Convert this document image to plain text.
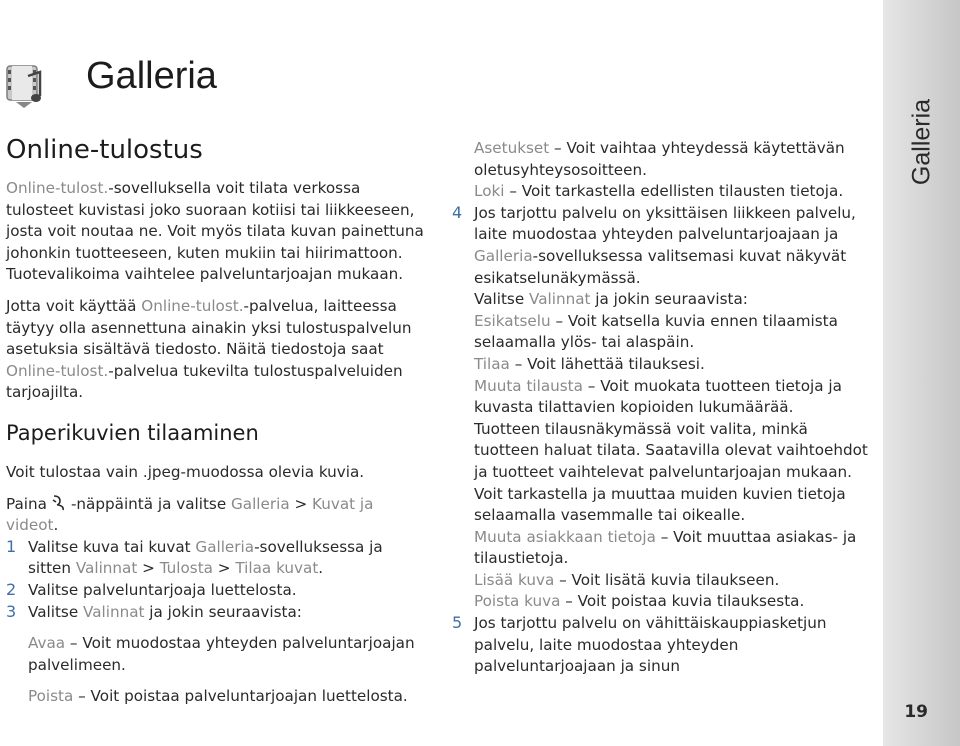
Galleria
Online-tulostus

Online-tulost.-sovelluksella voit tilata verkossa tulosteet kuvistasi joko suoraan kotiisi tai liikkeeseen, josta voit noutaa ne. Voit myös tilata kuvan painettuna johonkin tuotteeseen, kuten mukiin tai hiirimattoon. Tuotevalikoima vaihtelee palveluntarjoajan mukaan.

Jotta voit käyttää Online-tulost.-palvelua, laitteessa täytyy olla asennettuna ainakin yksi tulostuspalvelun asetuksia sisältävä tiedosto. Näitä tiedostoja saat Online-tulost.-palvelua tukevilta tulostuspalveluiden tarjoajilta.

Paperikuvien tilaaminen

Voit tulostaa vain .jpeg-muodossa olevia kuvia.

Paina -näppäintä ja valitse Galleria > Kuvat ja videot.

1 Valitse kuva tai kuvat Galleria-sovelluksessa ja sitten Valinnat > Tulosta > Tilaa kuvat.

2 Valitse palveluntarjoaja luettelosta.

3 Valitse Valinnat ja jokin seuraavista:

Avaa – Voit muodostaa yhteyden palveluntarjoajan palvelimeen.

Poista – Voit poistaa palveluntarjoajan luettelosta.

Asetukset – Voit vaihtaa yhteydessä käytettävän oletusyhteysosoitteen.

Loki – Voit tarkastella edellisten tilausten tietoja.

4 Jos tarjottu palvelu on yksittäisen liikkeen palvelu, laite muodostaa yhteyden palveluntarjoajaan ja Galleria-sovelluksessa valitsemasi kuvat näkyvät esikatselunäkymässä.

Valitse Valinnat ja jokin seuraavista:

Esikatselu – Voit katsella kuvia ennen tilaamista selaamalla ylös- tai alaspäin.

Tilaa – Voit lähettää tilauksesi.

Muuta tilausta – Voit muokata tuotteen tietoja ja kuvasta tilattavien kopioiden lukumäärää.

Tuotteen tilausnäkymässä voit valita, minkä tuotteen haluat tilata. Saatavilla olevat vaihtoehdot ja tuotteet vaihtelevat palveluntarjoajan mukaan.

Voit tarkastella ja muuttaa muiden kuvien tietoja selaamalla vasemmalle tai oikealle.

Muuta asiakkaan tietoja – Voit muuttaa asiakas- ja tilaustietoja.

Lisää kuva – Voit lisätä kuvia tilaukseen.

Poista kuva – Voit poistaa kuvia tilauksesta.

5 Jos tarjottu palvelu on vähittäiskauppiasketjun palvelu, laite muodostaa yhteyden palveluntarjoajaan ja sinun

Galleria
19
